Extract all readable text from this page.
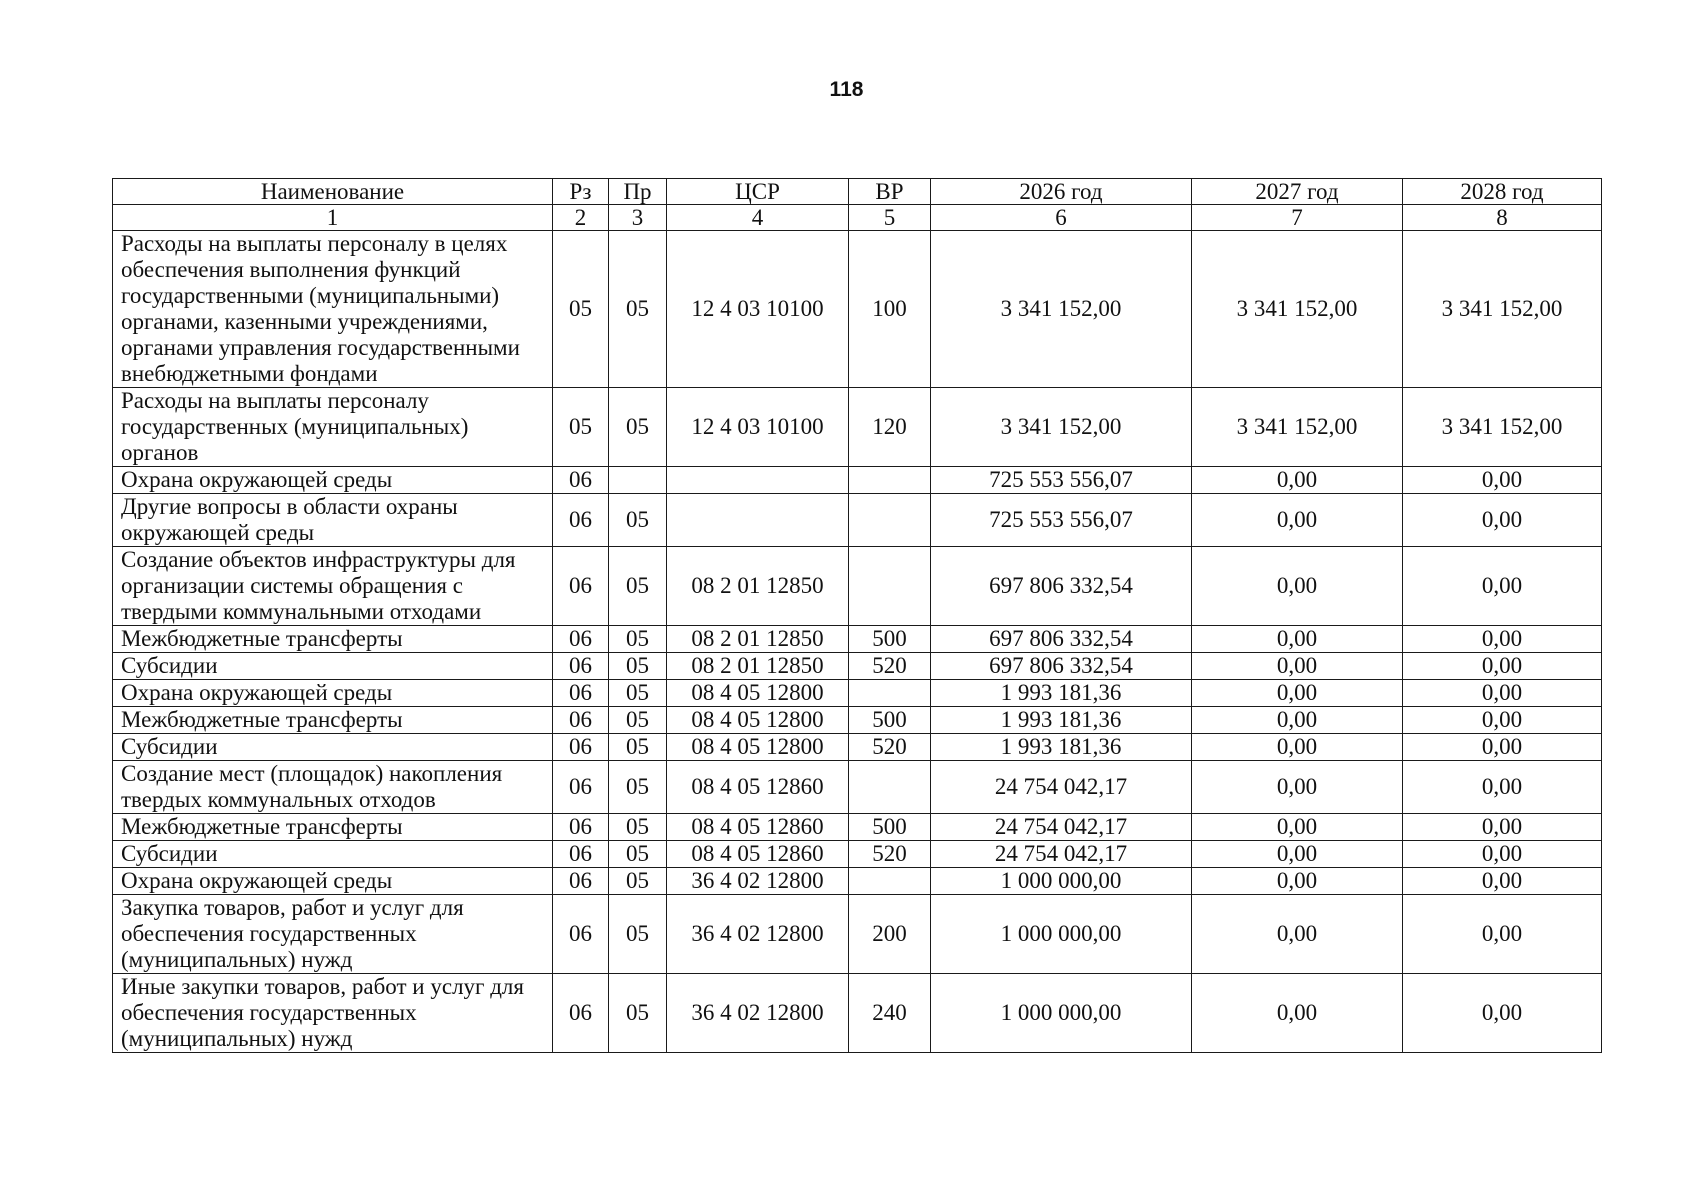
118
Наименование	Рз	Пр	ЦСР	ВР	2026 год	2027 год	2028 год
1	2	3	4	5	6	7	8
Расходы на выплаты персоналу в целях обеспечения выполнения функций государственными (муниципальными) органами, казенными учреждениями, органами управления государственными внебюджетными фондами	05	05	12 4 03 10100	100	3 341 152,00	3 341 152,00	3 341 152,00
Расходы на выплаты персоналу государственных (муниципальных) органов	05	05	12 4 03 10100	120	3 341 152,00	3 341 152,00	3 341 152,00
Охрана окружающей среды	06				725 553 556,07	0,00	0,00
Другие вопросы в области охраны окружающей среды	06	05			725 553 556,07	0,00	0,00
Создание объектов инфраструктуры для организации системы обращения с твердыми коммунальными отходами	06	05	08 2 01 12850		697 806 332,54	0,00	0,00
Межбюджетные трансферты	06	05	08 2 01 12850	500	697 806 332,54	0,00	0,00
Субсидии	06	05	08 2 01 12850	520	697 806 332,54	0,00	0,00
Охрана окружающей среды	06	05	08 4 05 12800		1 993 181,36	0,00	0,00
Межбюджетные трансферты	06	05	08 4 05 12800	500	1 993 181,36	0,00	0,00
Субсидии	06	05	08 4 05 12800	520	1 993 181,36	0,00	0,00
Создание мест (площадок) накопления твердых коммунальных отходов	06	05	08 4 05 12860		24 754 042,17	0,00	0,00
Межбюджетные трансферты	06	05	08 4 05 12860	500	24 754 042,17	0,00	0,00
Субсидии	06	05	08 4 05 12860	520	24 754 042,17	0,00	0,00
Охрана окружающей среды	06	05	36 4 02 12800		1 000 000,00	0,00	0,00
Закупка товаров, работ и услуг для обеспечения государственных (муниципальных) нужд	06	05	36 4 02 12800	200	1 000 000,00	0,00	0,00
Иные закупки товаров, работ и услуг для обеспечения государственных (муниципальных) нужд	06	05	36 4 02 12800	240	1 000 000,00	0,00	0,00
